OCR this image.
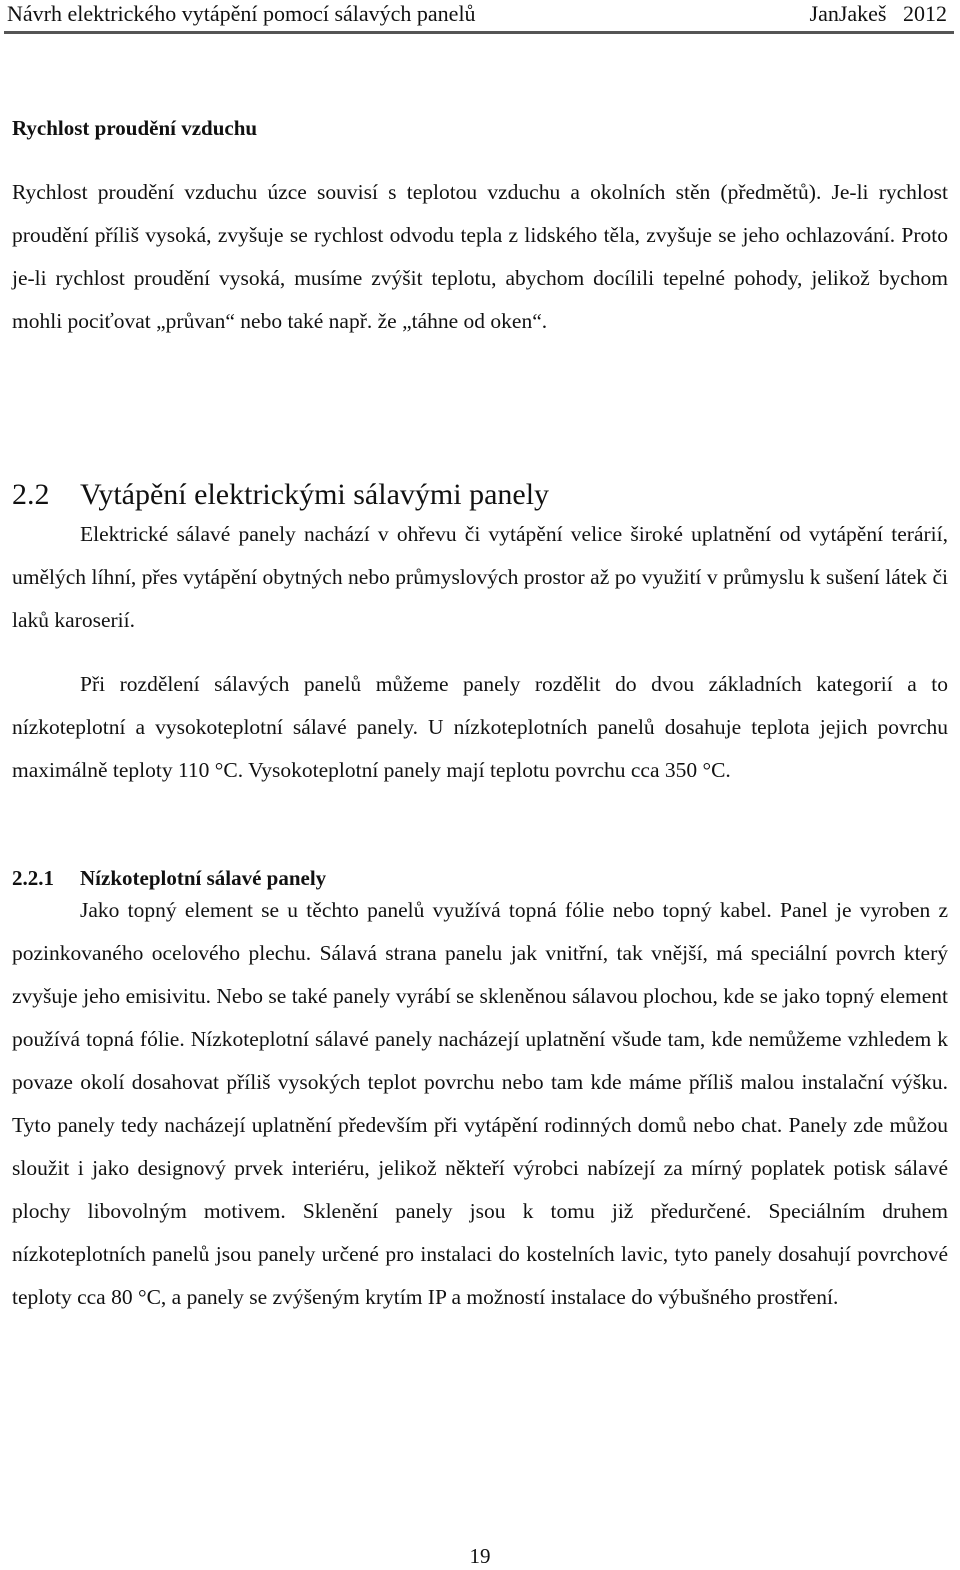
Návrh elektrického vytápění pomocí sálavých panelů	JanJakeš   2012
Rychlost proudění vzduchu

Rychlost proudění vzduchu úzce souvisí s teplotou vzduchu a okolních stěn (předmětů). Je-li rychlost proudění příliš vysoká, zvyšuje se rychlost odvodu tepla z lidského těla, zvyšuje se jeho ochlazování. Proto je-li rychlost proudění vysoká, musíme zvýšit teplotu, abychom docílili tepelné pohody, jelikož bychom mohli pociťovat „průvan“ nebo také např. že „táhne od oken“.

2.2 Vytápění elektrickými sálavými panely

Elektrické sálavé panely nachází v ohřevu či vytápění velice široké uplatnění od vytápění terárií, umělých líhní, přes vytápění obytných nebo průmyslových prostor až po využití v průmyslu k sušení látek či laků karoserií.

Při rozdělení sálavých panelů můžeme panely rozdělit do dvou základních kategorií a to nízkoteplotní a vysokoteplotní sálavé panely. U nízkoteplotních panelů dosahuje teplota jejich povrchu maximálně teploty 110 °C. Vysokoteplotní panely mají teplotu povrchu cca 350 °C.

2.2.1 Nízkoteplotní sálavé panely

Jako topný element se u těchto panelů využívá topná fólie nebo topný kabel. Panel je vyroben z pozinkovaného ocelového plechu. Sálavá strana panelu jak vnitřní, tak vnější, má speciální povrch který zvyšuje jeho emisivitu. Nebo se také panely vyrábí se skleněnou sálavou plochou, kde se jako topný element používá topná fólie. Nízkoteplotní sálavé panely nacházejí uplatnění všude tam, kde nemůžeme vzhledem k povaze okolí dosahovat příliš vysokých teplot povrchu nebo tam kde máme příliš malou instalační výšku. Tyto panely tedy nacházejí uplatnění především při vytápění rodinných domů nebo chat. Panely zde můžou sloužit i jako designový prvek interiéru, jelikož někteří výrobci nabízejí za mírný poplatek potisk sálavé plochy libovolným motivem. Sklenění panely jsou k tomu již předurčené. Speciálním druhem nízkoteplotních panelů jsou panely určené pro instalaci do kostelních lavic, tyto panely dosahují povrchové teploty cca 80 °C, a panely se zvýšeným krytím IP a možností instalace do výbušného prostření.

19
